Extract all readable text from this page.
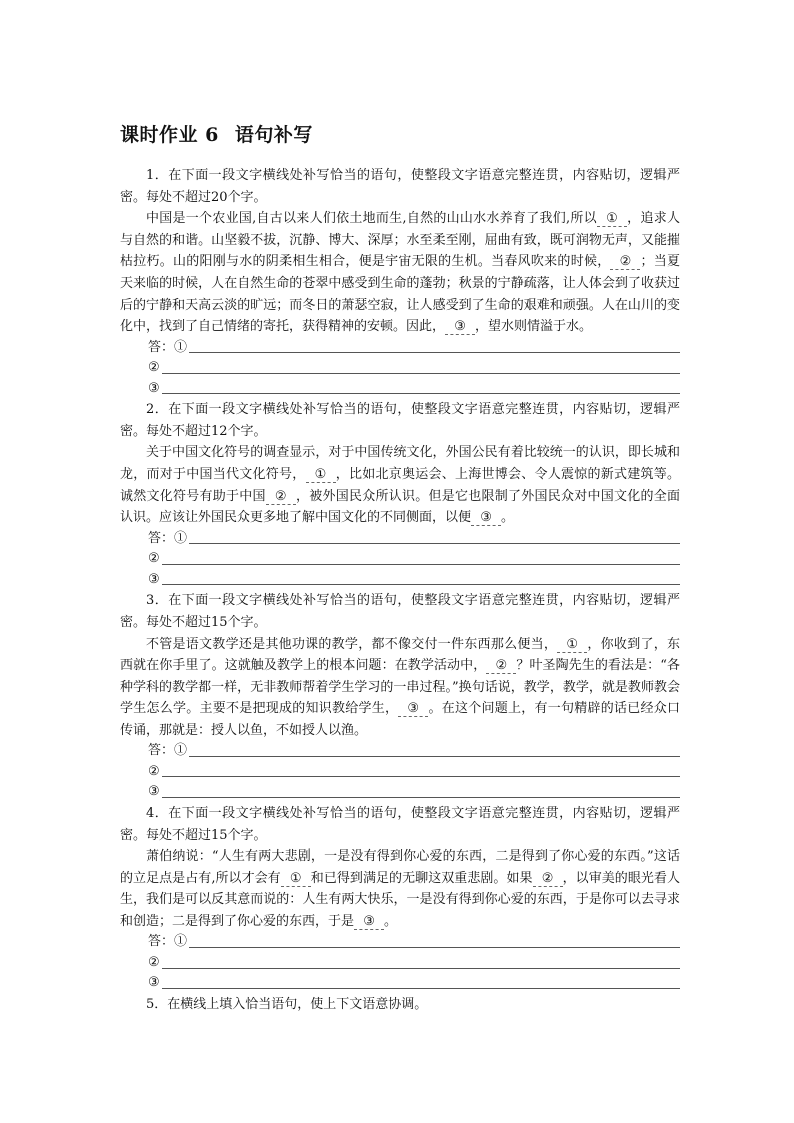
课时作业 6 语句补写

1．在下面一段文字横线处补写恰当的语句，使整段文字语意完整连贯，内容贴切，逻辑严密。每处不超过20个字。

中国是一个农业国,自古以来人们依土地而生,自然的山山水水养育了我们,所以 ① ，追求人与自然的和谐。山坚毅不拔，沉静、博大、深厚；水至柔至刚，屈曲有致，既可润物无声，又能摧枯拉朽。山的阳刚与水的阴柔相生相合，便是宇宙无限的生机。当春风吹来的时候， ② ；当夏天来临的时候，人在自然生命的苍翠中感受到生命的蓬勃；秋景的宁静疏落，让人体会到了收获过后的宁静和天高云淡的旷远；而冬日的萧瑟空寂，让人感受到了生命的艰难和顽强。人在山川的变化中，找到了自己情绪的寄托，获得精神的安顿。因此， ③ ，望水则情溢于水。

答：①
②
③

2．在下面一段文字横线处补写恰当的语句，使整段文字语意完整连贯，内容贴切，逻辑严密。每处不超过12个字。

关于中国文化符号的调查显示，对于中国传统文化，外国公民有着比较统一的认识，即长城和龙，而对于中国当代文化符号， ① ，比如北京奥运会、上海世博会、令人震惊的新式建筑等。诚然文化符号有助于中国 ② ，被外国民众所认识。但是它也限制了外国民众对中国文化的全面认识。应该让外国民众更多地了解中国文化的不同侧面，以便 ③ 。

答：①
②
③

3．在下面一段文字横线处补写恰当的语句，使整段文字语意完整连贯，内容贴切，逻辑严密。每处不超过15个字。

不管是语文教学还是其他功课的教学，都不像交付一件东西那么便当， ① ，你收到了，东西就在你手里了。这就触及教学上的根本问题：在教学活动中， ② ？叶圣陶先生的看法是：“各种学科的教学都一样，无非教师帮着学生学习的一串过程。”换句话说，教学，教学，就是教师教会学生怎么学。主要不是把现成的知识教给学生， ③ 。在这个问题上，有一句精辟的话已经众口传诵，那就是：授人以鱼，不如授人以渔。

答：①
②
③

4．在下面一段文字横线处补写恰当的语句，使整段文字语意完整连贯，内容贴切，逻辑严密。每处不超过15个字。

萧伯纳说：“人生有两大悲剧，一是没有得到你心爱的东西，二是得到了你心爱的东西。”这话的立足点是占有,所以才会有 ① 和已得到满足的无聊这双重悲剧。如果 ② ，以审美的眼光看人生，我们是可以反其意而说的：人生有两大快乐，一是没有得到你心爱的东西，于是你可以去寻求和创造；二是得到了你心爱的东西，于是 ③ 。

答：①
②
③

5．在横线上填入恰当语句，使上下文语意协调。
